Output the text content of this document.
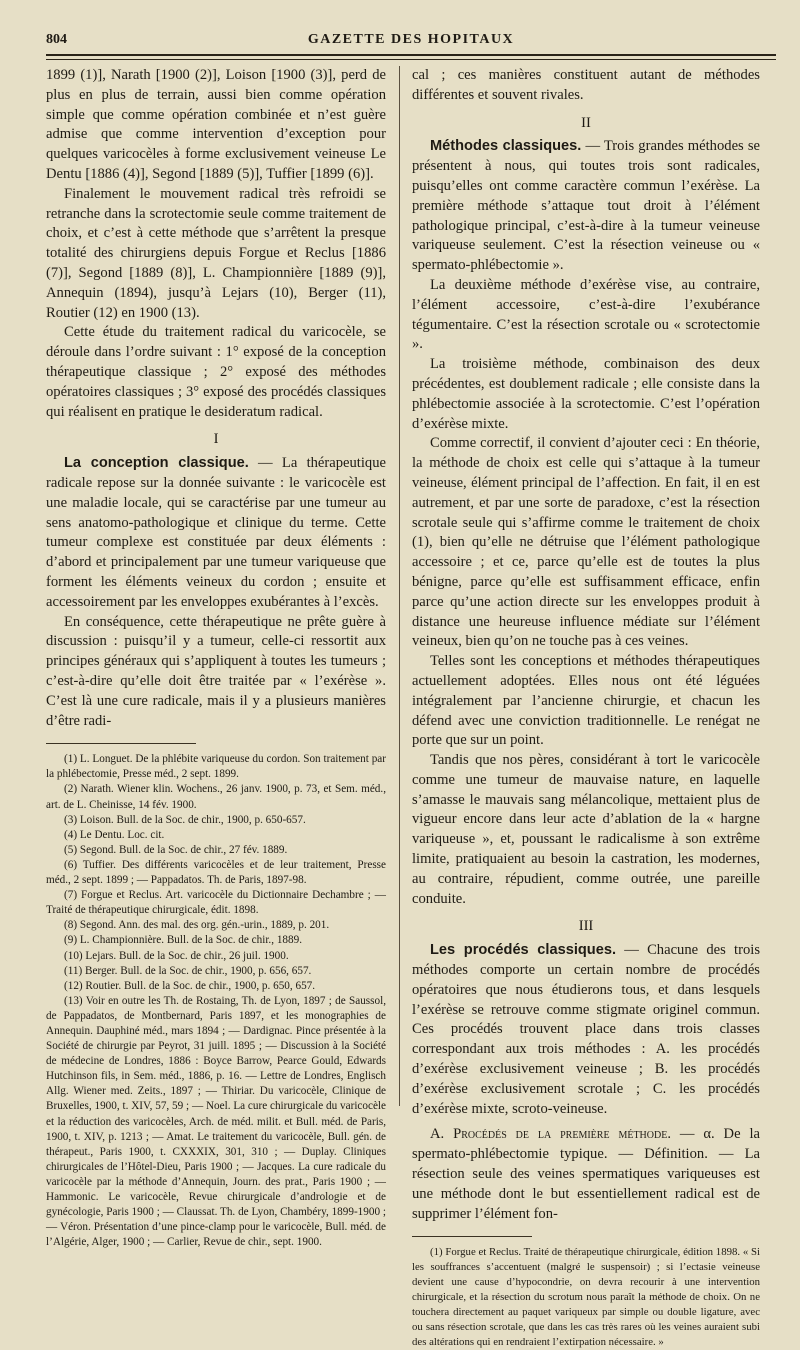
804	GAZETTE DES HOPITAUX

1899 (1)], Narath [1900 (2)], Loison [1900 (3)], perd de plus en plus de terrain, aussi bien comme opération simple que comme opération combinée et n’est guère admise que comme intervention d’exception pour quelques varicocèles à forme exclusivement veineuse Le Dentu [1886 (4)], Segond [1889 (5)], Tuffier [1899 (6)].

Finalement le mouvement radical très refroidi se retranche dans la scrotectomie seule comme traitement de choix, et c’est à cette méthode que s’arrêtent la presque totalité des chirurgiens depuis Forgue et Reclus [1886 (7)], Segond [1889 (8)], L. Championnière [1889 (9)], Annequin (1894), jusqu’à Lejars (10), Berger (11), Routier (12) en 1900 (13).

Cette étude du traitement radical du varicocèle, se déroule dans l’ordre suivant : 1° exposé de la conception thérapeutique classique ; 2° exposé des méthodes opératoires classiques ; 3° exposé des procédés classiques qui réalisent en pratique le desideratum radical.

I

La conception classique. — La thérapeutique radicale repose sur la donnée suivante : le varicocèle est une maladie locale, qui se caractérise par une tumeur au sens anatomo-pathologique et clinique du terme. Cette tumeur complexe est constituée par deux éléments : d’abord et principalement par une tumeur variqueuse que forment les éléments veineux du cordon ; ensuite et accessoirement par les enveloppes exubérantes à l’excès.

En conséquence, cette thérapeutique ne prête guère à discussion : puisqu’il y a tumeur, celle-ci ressortit aux principes généraux qui s’appliquent à toutes les tumeurs ; c’est-à-dire qu’elle doit être traitée par « l’exérèse ». C’est là une cure radicale, mais il y a plusieurs manières d’être radi-

(1) L. Longuet. De la phlébite variqueuse du cordon. Son traitement par la phlébectomie, Presse méd., 2 sept. 1899.

(2) Narath. Wiener klin. Wochens., 26 janv. 1900, p. 73, et Sem. méd., art. de L. Cheinisse, 14 fév. 1900.

(3) Loison. Bull. de la Soc. de chir., 1900, p. 650-657.

(4) Le Dentu. Loc. cit.

(5) Segond. Bull. de la Soc. de chir., 27 fév. 1889.

(6) Tuffier. Des différents varicocèles et de leur traitement, Presse méd., 2 sept. 1899 ; — Pappadatos. Th. de Paris, 1897-98.

(7) Forgue et Reclus. Art. varicocèle du Dictionnaire Dechambre ; — Traité de thérapeutique chirurgicale, édit. 1898.

(8) Segond. Ann. des mal. des org. gén.-urin., 1889, p. 201.

(9) L. Championnière. Bull. de la Soc. de chir., 1889.

(10) Lejars. Bull. de la Soc. de chir., 26 juil. 1900.

(11) Berger. Bull. de la Soc. de chir., 1900, p. 656, 657.

(12) Routier. Bull. de la Soc. de chir., 1900, p. 650, 657.

(13) Voir en outre les Th. de Rostaing, Th. de Lyon, 1897 ; de Saussol, de Pappadatos, de Montbernard, Paris 1897, et les monographies de Annequin. Dauphiné méd., mars 1894 ; — Dardignac. Pince présentée à la Société de chirurgie par Peyrot, 31 juill. 1895 ; — Discussion à la Société de médecine de Londres, 1886 : Boyce Barrow, Pearce Gould, Edwards Hutchinson fils, in Sem. méd., 1886, p. 16. — Lettre de Londres, Englisch Allg. Wiener med. Zeits., 1897 ; — Thiriar. Du varicocèle, Clinique de Bruxelles, 1900, t. XIV, 57, 59 ; — Noel. La cure chirurgicale du varicocèle et la réduction des varicocèles, Arch. de méd. milit. et Bull. méd. de Paris, 1900, t. XIV, p. 1213 ; — Amat. Le traitement du varicocèle, Bull. gén. de thérapeut., Paris 1900, t. CXXXIX, 301, 310 ; — Duplay. Cliniques chirurgicales de l’Hôtel-Dieu, Paris 1900 ; — Jacques. La cure radicale du varicocèle par la méthode d’Annequin, Journ. des prat., Paris 1900 ; — Hammonic. Le varicocèle, Revue chirurgicale d’andrologie et de gynécologie, Paris 1900 ; — Claussat. Th. de Lyon, Chambéry, 1899-1900 ; — Véron. Présentation d’une pince-clamp pour le varicocèle, Bull. méd. de l’Algérie, Alger, 1900 ; — Carlier, Revue de chir., sept. 1900.

cal ; ces manières constituent autant de méthodes différentes et souvent rivales.

II

Méthodes classiques. — Trois grandes méthodes se présentent à nous, qui toutes trois sont radicales, puisqu’elles ont comme caractère commun l’exérèse. La première méthode s’attaque tout droit à l’élément pathologique principal, c’est-à-dire à la tumeur veineuse variqueuse seulement. C’est la résection veineuse ou « spermato-phlébectomie ».

La deuxième méthode d’exérèse vise, au contraire, l’élément accessoire, c’est-à-dire l’exubérance tégumentaire. C’est la résection scrotale ou « scrotectomie ».

La troisième méthode, combinaison des deux précédentes, est doublement radicale ; elle consiste dans la phlébectomie associée à la scrotectomie. C’est l’opération d’exérèse mixte.

Comme correctif, il convient d’ajouter ceci : En théorie, la méthode de choix est celle qui s’attaque à la tumeur veineuse, élément principal de l’affection. En fait, il en est autrement, et par une sorte de paradoxe, c’est la résection scrotale seule qui s’affirme comme le traitement de choix (1), bien qu’elle ne détruise que l’élément pathologique accessoire ; et ce, parce qu’elle est de toutes la plus bénigne, parce qu’elle est suffisamment efficace, enfin parce qu’une action directe sur les enveloppes produit à distance une heureuse influence médiate sur l’élément veineux, bien qu’on ne touche pas à ces veines.

Telles sont les conceptions et méthodes thérapeutiques actuellement adoptées. Elles nous ont été léguées intégralement par l’ancienne chirurgie, et chacun les défend avec une conviction traditionnelle. Le renégat ne porte que sur un point.

Tandis que nos pères, considérant à tort le varicocèle comme une tumeur de mauvaise nature, en laquelle s’amasse le mauvais sang mélancolique, mettaient plus de vigueur encore dans leur acte d’ablation de la « hargne variqueuse », et, poussant le radicalisme à son extrême limite, pratiquaient au besoin la castration, les modernes, au contraire, répudient, comme outrée, une pareille conduite.

III

Les procédés classiques. — Chacune des trois méthodes comporte un certain nombre de procédés opératoires que nous étudierons tous, et dans lesquels l’exérèse se retrouve comme stigmate originel commun. Ces procédés trouvent place dans trois classes correspondant aux trois méthodes : A. les procédés d’exérèse exclusivement veineuse ; B. les procédés d’exérèse exclusivement scrotale ; C. les procédés d’exérèse mixte, scroto-veineuse.

A. Procédés de la première méthode. — α. De la spermato-phlébectomie typique. — Définition. — La résection seule des veines spermatiques variqueuses est une méthode dont le but essentiellement radical est de supprimer l’élément fon-

(1) Forgue et Reclus. Traité de thérapeutique chirurgicale, édition 1898. « Si les souffrances s’accentuent (malgré le suspensoir) ; si l’ectasie veineuse devient une cause d’hypocondrie, on devra recourir à une intervention chirurgicale, et la résection du scrotum nous paraît la méthode de choix. On ne touchera directement au paquet variqueux par simple ou double ligature, avec ou sans résection scrotale, que dans les cas très rares où les veines auraient subi des altérations qui en rendraient l’extirpation nécessaire. »
